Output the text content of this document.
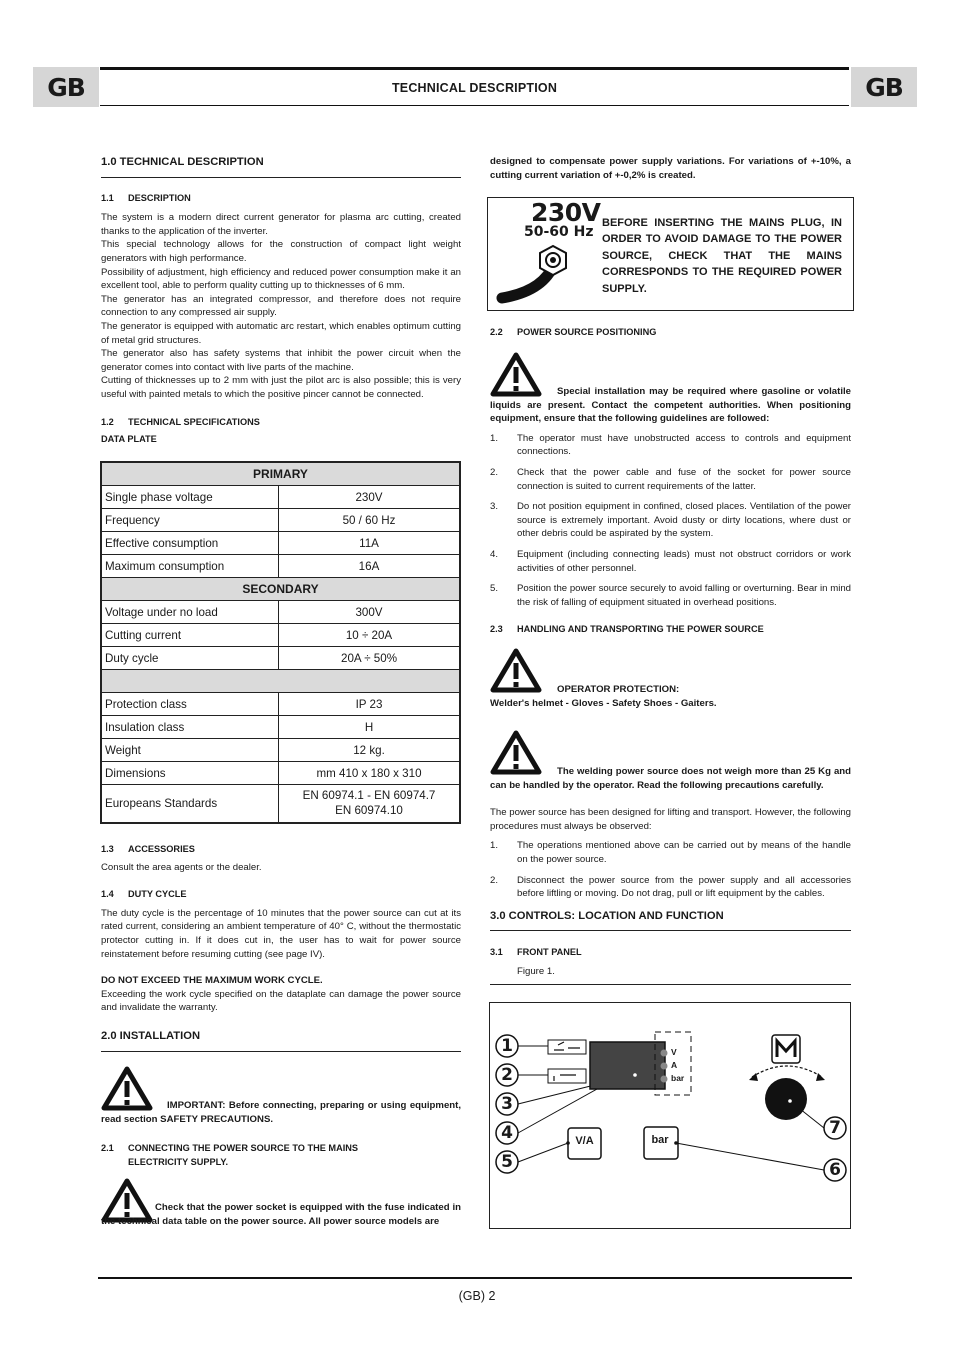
GB	TECHNICAL DESCRIPTION	GB
1.0 TECHNICAL DESCRIPTION
1.1 DESCRIPTION

The system is a modern direct current generator for plasma arc cutting, created thanks to the application of the inverter.

This special technology allows for the construction of compact light weight generators with high performance.

Possibility of adjustment, high efficiency and reduced power consumption make it an excellent tool, able to perform quality cutting up to thicknesses of 6 mm.

The generator has an integrated compressor, and therefore does not require connection to any compressed air supply.

The generator is equipped with automatic arc restart, which enables optimum cutting of metal grid structures.

The generator also has safety systems that inhibit the power circuit when the generator comes into contact with live parts of the machine.

Cutting of thicknesses up to 2 mm with just the pilot arc is also possible; this is very useful with painted metals to which the positive pincer cannot be connected.

1.2 TECHNICAL SPECIFICATIONS
DATA PLATE
PRIMARY	
Single phase voltage	230V
Frequency	50 / 60 Hz
Effective consumption	11A
Maximum consumption	16A
SECONDARY	
Voltage under no load	300V
Cutting current	10 ÷ 20A
Duty cycle	20A ÷ 50%

Protection class	IP 23
Insulation class	H
Weight	12 kg.
Dimensions	mm 410 x 180 x 310
Europeans Standards	EN 60974.1 - EN 60974.7
EN 60974.10
1.3 ACCESSORIES

Consult the area agents or the dealer.

1.4 DUTY CYCLE

The duty cycle is the percentage of 10 minutes that the power source can cut at its rated current, considering an ambient temperature of 40° C, without the thermostatic protector cutting in. If it does cut in, the user has to wait for power source reinstatement before resuming cutting (see page IV).

DO NOT EXCEED THE MAXIMUM WORK CYCLE.

Exceeding the work cycle specified on the dataplate can damage the power source and invalidate the warranty.

2.0 INSTALLATION

IMPORTANT: Before connecting, preparing or using equipment, read section SAFETY PRECAUTIONS.

2.1 CONNECTING THE POWER SOURCE TO THE MAINS
ELECTRICITY SUPPLY.

Check that the power socket is equipped with the fuse indicated in the technical data table on the power source. All power source models are

designed to compensate power supply variations. For variations of +-10%, a cutting current variation of +-0,2% is created.

230V
50-60 Hz
BEFORE INSERTING THE MAINS PLUG, IN ORDER TO AVOID DAMAGE TO THE POWER SOURCE, CHECK THAT THE MAINS CORRESPONDS TO THE REQUIRED POWER SUPPLY.
2.2 POWER SOURCE POSITIONING

Special installation may be required where gasoline or volatile liquids are present. Contact the competent authorities. When positioning equipment, ensure that the following guidelines are followed:

1. The operator must have unobstructed access to controls and equipment connections.
2. Check that the power cable and fuse of the socket for power source connection is suited to current requirements of the latter.
3. Do not position equipment in confined, closed places. Ventilation of the power source is extremely important. Avoid dusty or dirty locations, where dust or other debris could be aspirated by the system.
4. Equipment (including connecting leads) must not obstruct corridors or work activities of other personnel.
5. Position the power source securely to avoid falling or overturning. Bear in mind the risk of falling of equipment situated in overhead positions.
2.3 HANDLING AND TRANSPORTING THE POWER SOURCE

OPERATOR PROTECTION:

Welder's helmet - Gloves - Safety Shoes - Gaiters.

The welding power source does not weigh more than 25 Kg and can be handled by the operator. Read the following precautions carefully.

The power source has been designed for lifting and transport. However, the following procedures must always be observed:

1. The operations mentioned above can be carried out by means of the handle on the power source.
2. Disconnect the power source from the power supply and all accessories before liftling or moving. Do not drag, pull or lift equipment by the cables.
3.0 CONTROLS: LOCATION AND FUNCTION
3.1 FRONT PANEL
Figure 1.
1
2
3
4
5	6
7
V
A
bar
V/A	bar
(GB) 2
